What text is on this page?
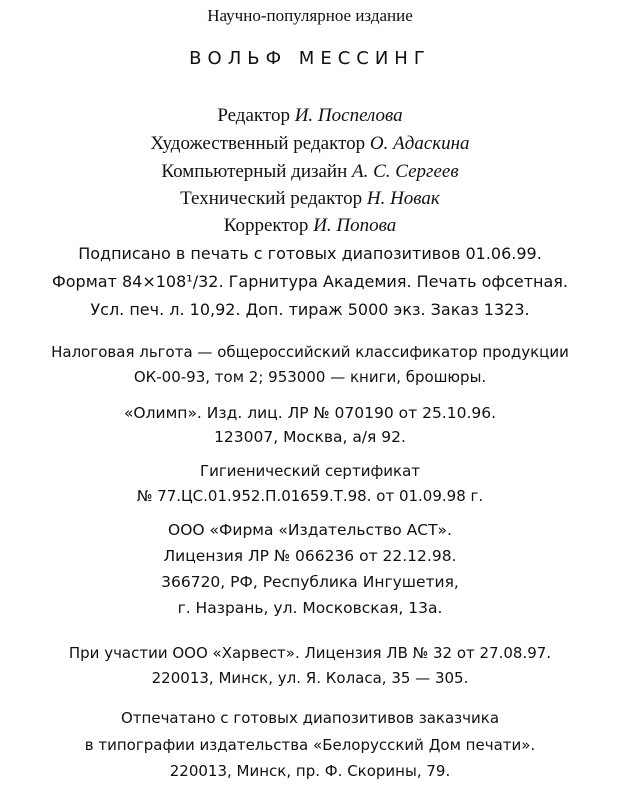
Научно-популярное издание
ВОЛЬФ МЕССИНГ
Редактор И. Поспелова
Художественный редактор О. Адаскина
Компьютерный дизайн А. С. Сергеев
Технический редактор Н. Новак
Корректор И. Попова
Подписано в печать с готовых диапозитивов 01.06.99.
Формат 84×108¹/32. Гарнитура Академия. Печать офсетная.
Усл. печ. л. 10,92. Доп. тираж 5000 экз. Заказ 1323.
Налоговая льгота — общероссийский классификатор продукции
ОК-00-93, том 2; 953000 — книги, брошюры.
«Олимп». Изд. лиц. ЛР № 070190 от 25.10.96.
123007, Москва, а/я 92.
Гигиенический сертификат
№ 77.ЦС.01.952.П.01659.Т.98. от 01.09.98 г.
ООО «Фирма «Издательство АСТ».
Лицензия ЛР № 066236 от 22.12.98.
366720, РФ, Республика Ингушетия,
г. Назрань, ул. Московская, 13а.
При участии ООО «Харвест». Лицензия ЛВ № 32 от 27.08.97.
220013, Минск, ул. Я. Коласа, 35 — 305.
Отпечатано с готовых диапозитивов заказчика
в типографии издательства «Белорусский Дом печати».
220013, Минск, пр. Ф. Скорины, 79.
